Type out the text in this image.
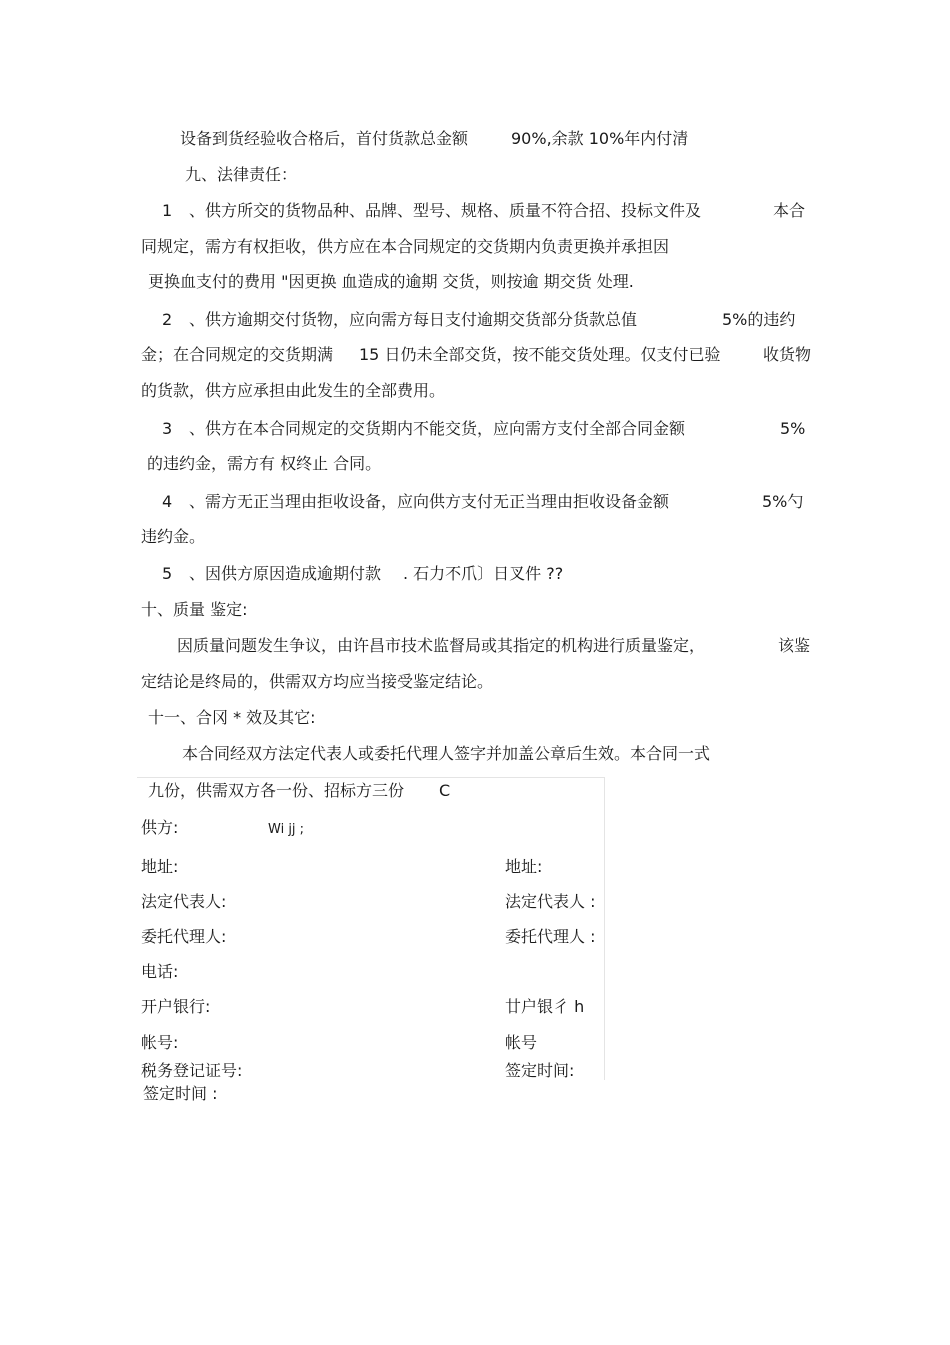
设备到货经验收合格后，首付货款总金额	90%,余款 10%年内付清
九、法律责任：
1 、供方所交的货物品种、品牌、型号、规格、质量不符合招、投标文件及	本合
同规定，需方有权拒收，供方应在本合同规定的交货期内负责更换并承担因
更换血支付的费用 "因更换 血造成的逾期 交货，则按逾 期交货 处理.
2 、供方逾期交付货物，应向需方每日支付逾期交货部分货款总值	5%的违约
金；在合同规定的交货期满 15 日仍未全部交货，按不能交货处理。仅支付已验	收货物
的货款，供方应承担由此发生的全部费用。
3 、供方在本合同规定的交货期内不能交货，应向需方支付全部合同金额	5%
的违约金，需方有 权终止 合同。
4 、需方无正当理由拒收设备，应向供方支付无正当理由拒收设备金额	5%勺
违约金。
5 、因供方原因造成逾期付款 . 石力不爪〕日叉件 ??
十、质量 鉴定:
因质量问题发生争议，由许昌市技术监督局或其指定的机构进行质量鉴定，	该鉴
定结论是终局的，供需双方均应当接受鉴定结论。
十一、合冈 * 效及其它:
本合同经双方法定代表人或委托代理人签字并加盖公章后生效。本合同一式
九份，供需双方各一份、招标方三份 C
供方:	Wi jj ;
地址:	地址:
法定代表人:	法定代表人 :
委托代理人:	委托代理人 :
电话:
开户银行:	廿户银彳 h
帐号:	帐号
税务登记证号:	签定时间:
签定时间 :
